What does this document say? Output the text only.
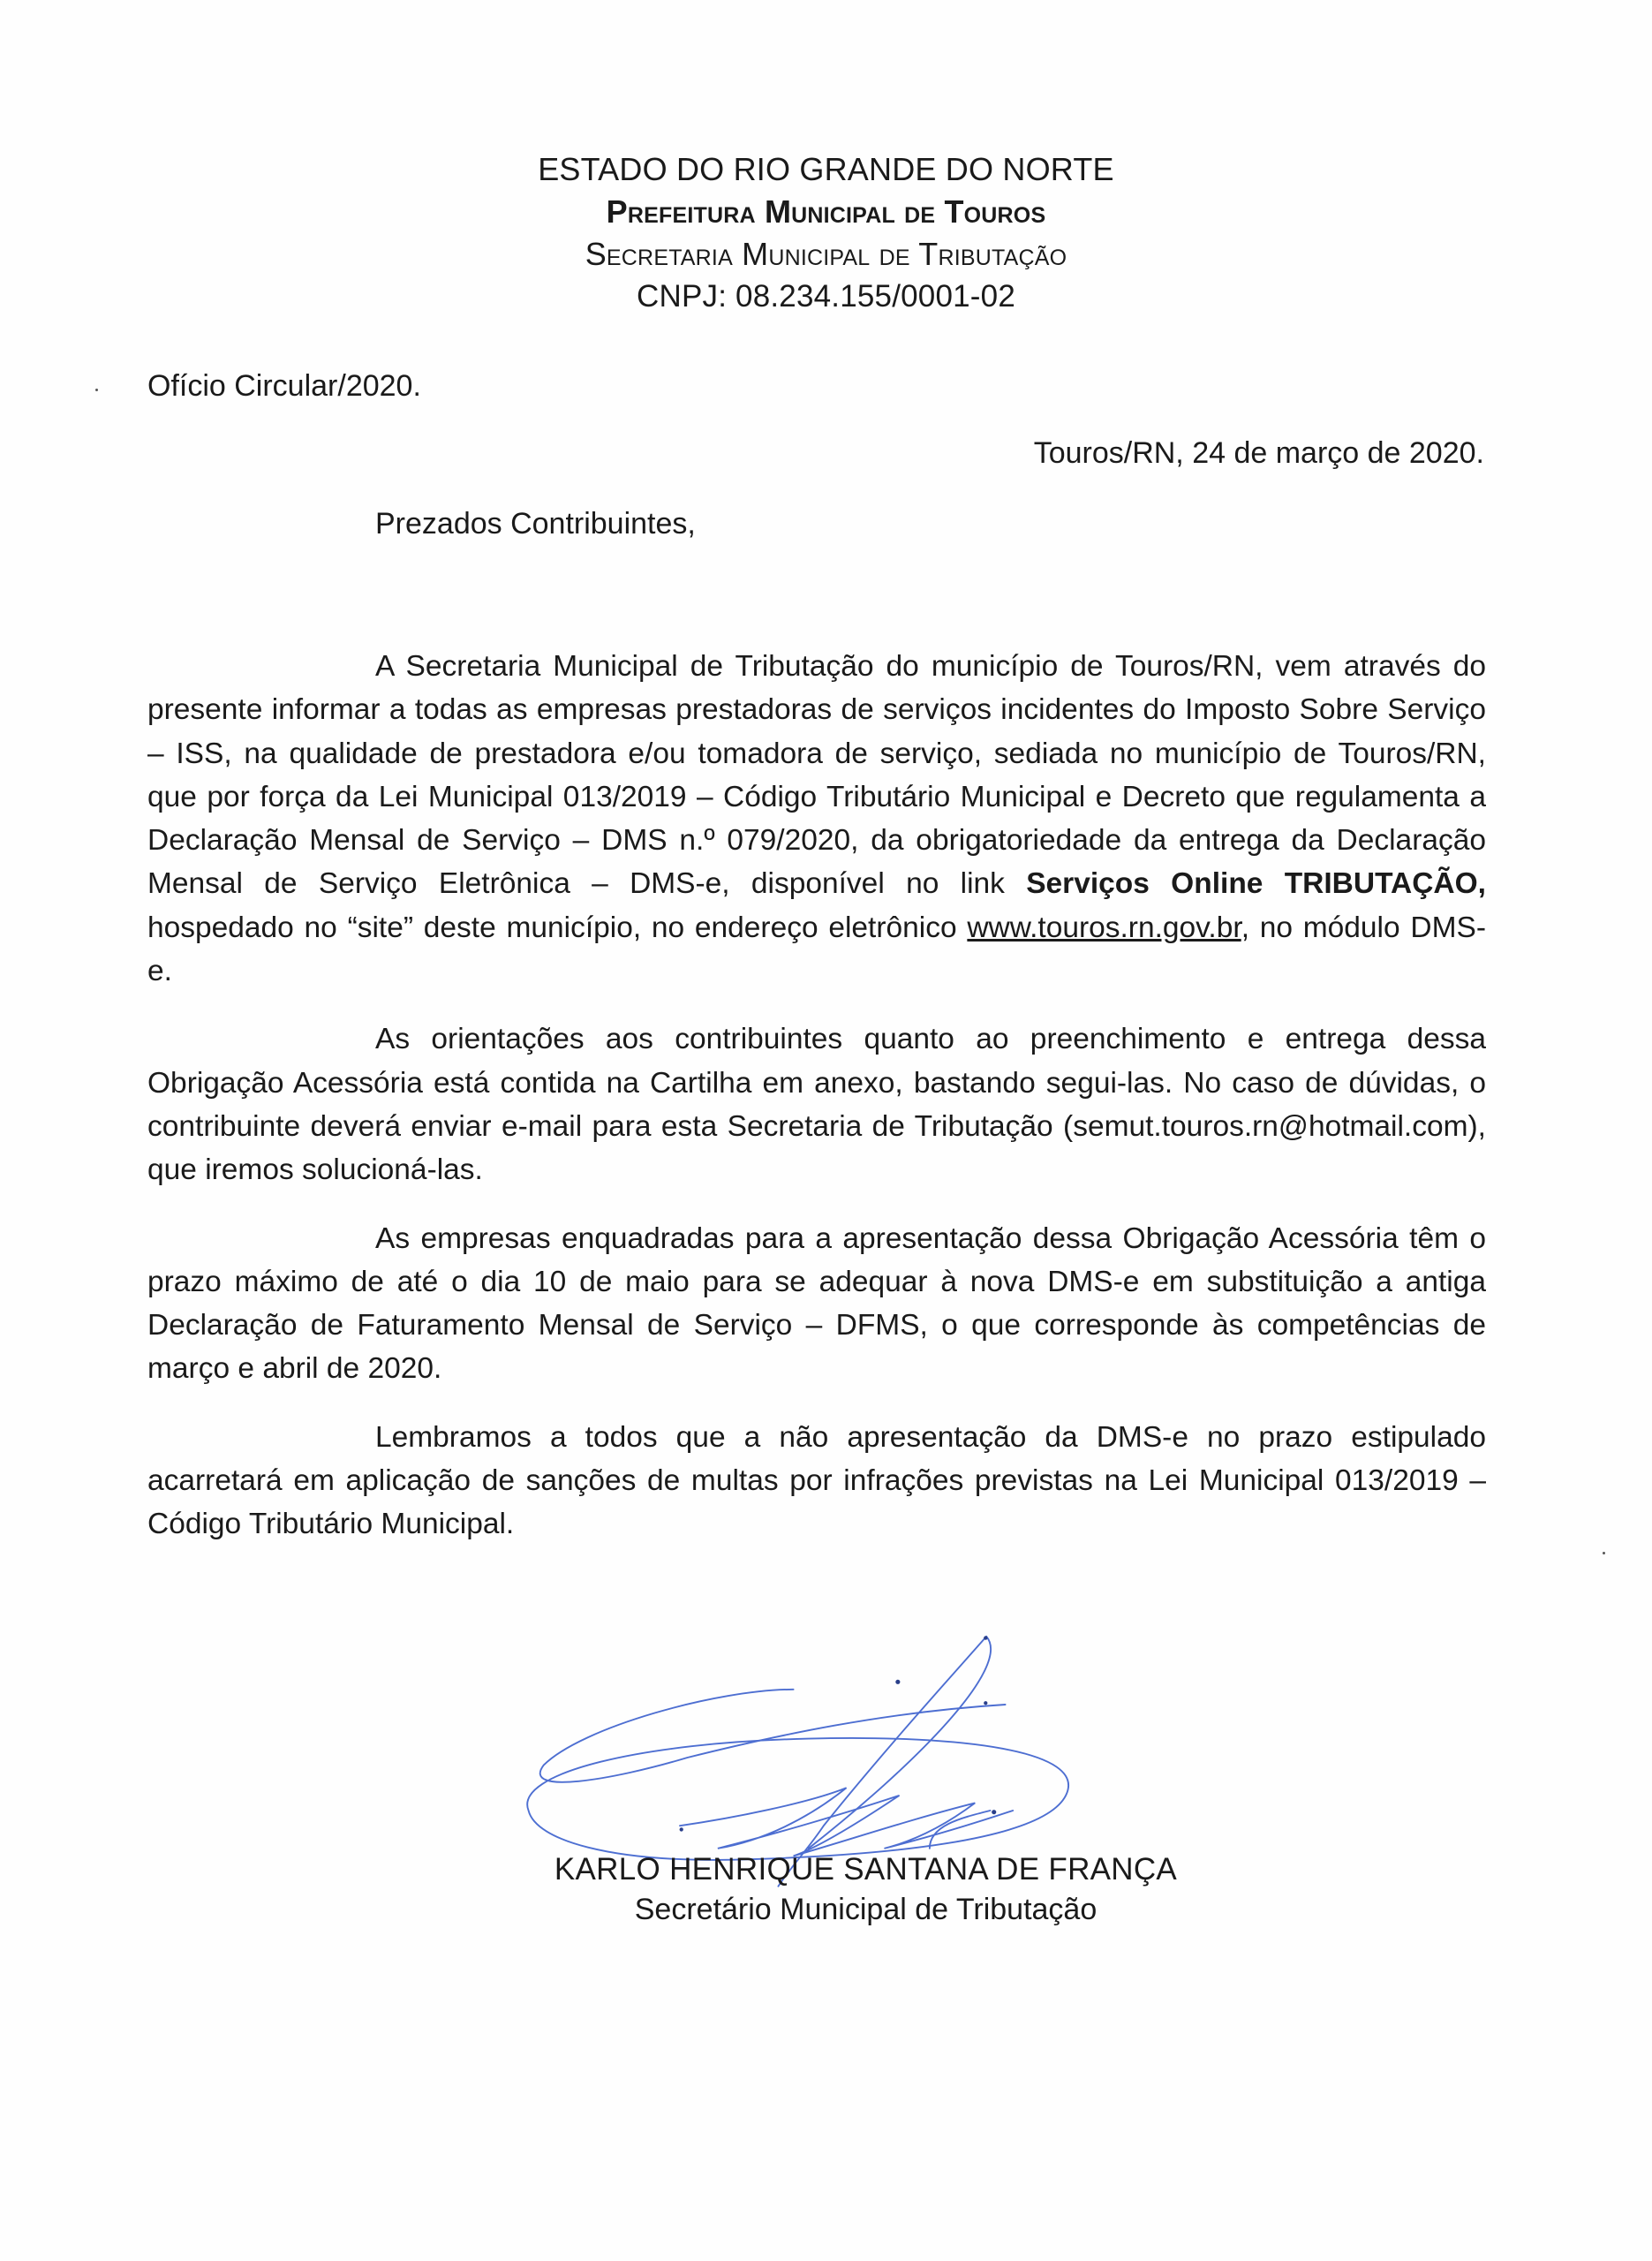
ESTADO DO RIO GRANDE DO NORTE
Prefeitura Municipal de Touros
Secretaria Municipal de Tributação
CNPJ: 08.234.155/0001-02
Ofício Circular/2020.
Touros/RN, 24 de março de 2020.
Prezados Contribuintes,

A Secretaria Municipal de Tributação do município de Touros/RN, vem através do presente informar a todas as empresas prestadoras de serviços incidentes do Imposto Sobre Serviço – ISS, na qualidade de prestadora e/ou tomadora de serviço, sediada no município de Touros/RN, que por força da Lei Municipal 013/2019 – Código Tributário Municipal e Decreto que regulamenta a Declaração Mensal de Serviço – DMS n.º 079/2020, da obrigatoriedade da entrega da Declaração Mensal de Serviço Eletrônica – DMS-e, disponível no link Serviços Online TRIBUTAÇÃO, hospedado no “site” deste município, no endereço eletrônico www.touros.rn.gov.br, no módulo DMS-e.

As orientações aos contribuintes quanto ao preenchimento e entrega dessa Obrigação Acessória está contida na Cartilha em anexo, bastando segui-las. No caso de dúvidas, o contribuinte deverá enviar e-mail para esta Secretaria de Tributação (semut.touros.rn@hotmail.com), que iremos solucioná-las.

As empresas enquadradas para a apresentação dessa Obrigação Acessória têm o prazo máximo de até o dia 10 de maio para se adequar à nova DMS-e em substituição a antiga Declaração de Faturamento Mensal de Serviço – DFMS, o que corresponde às competências de março e abril de 2020.

Lembramos a todos que a não apresentação da DMS-e no prazo estipulado acarretará em aplicação de sanções de multas por infrações previstas na Lei Municipal 013/2019 – Código Tributário Municipal.

KARLO HENRIQUE SANTANA DE FRANÇA
Secretário Municipal de Tributação
